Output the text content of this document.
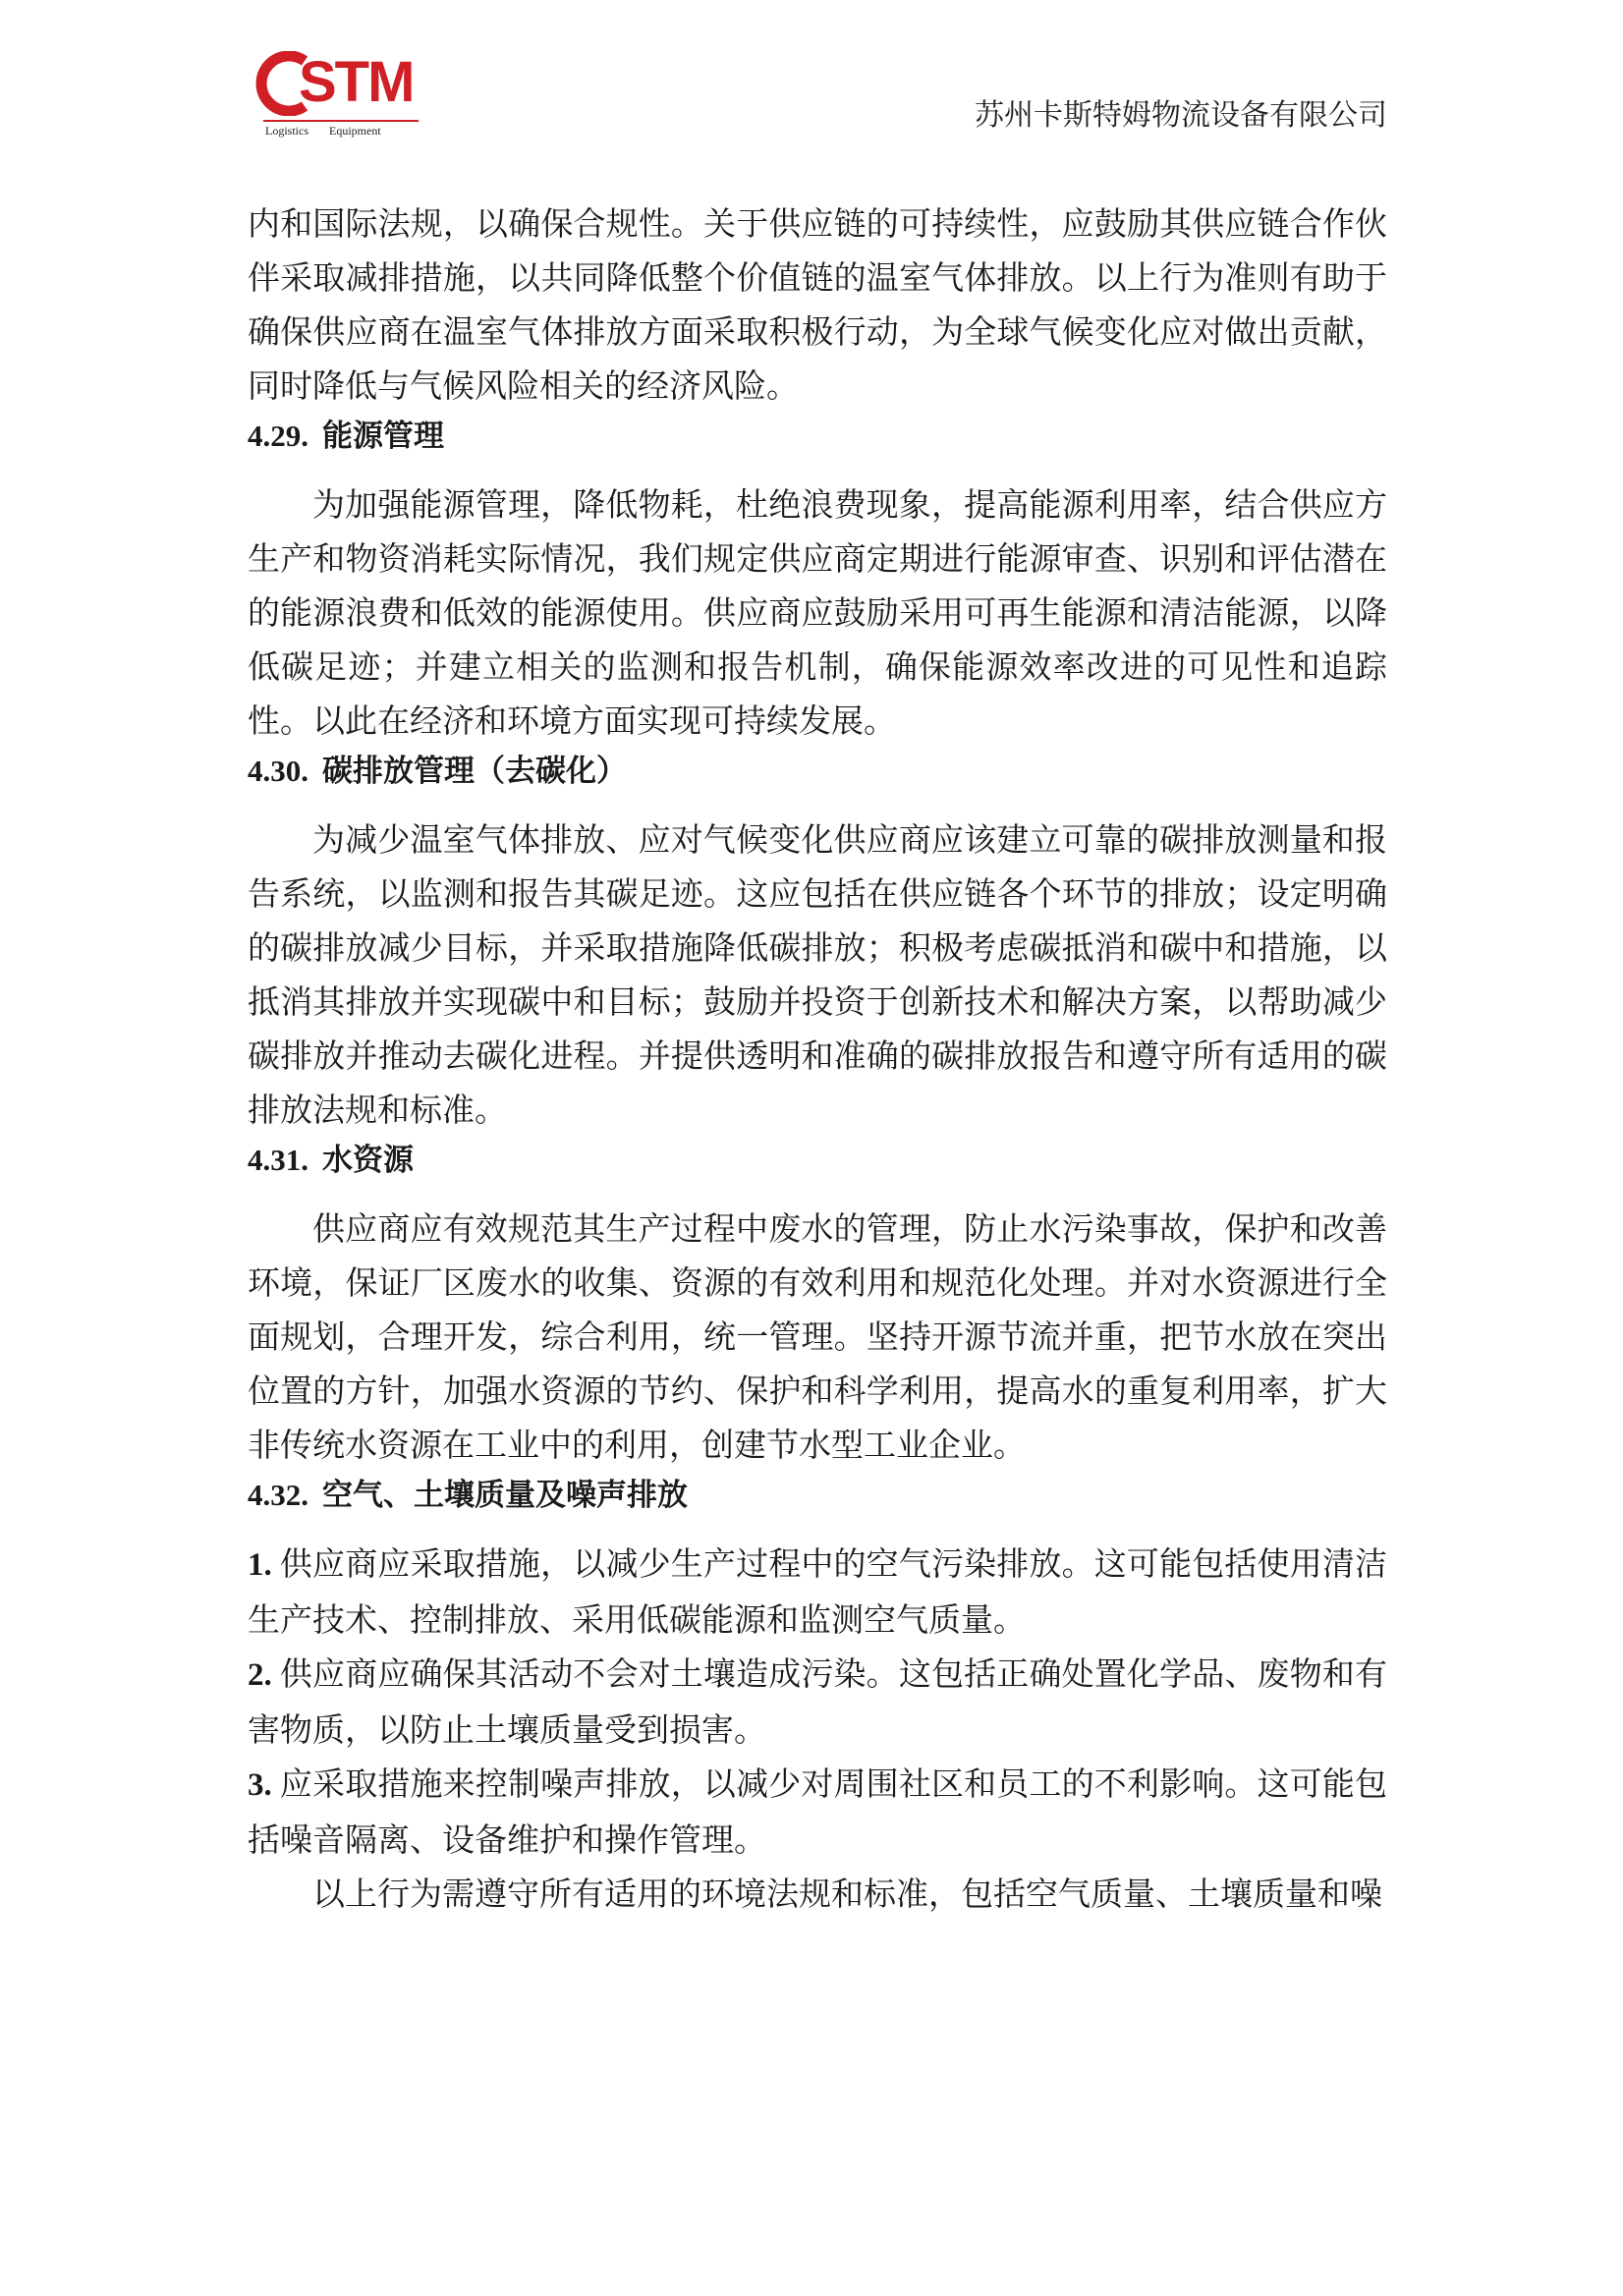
STM
Logistics Equipment	苏州卡斯特姆物流设备有限公司

内和国际法规，以确保合规性。关于供应链的可持续性，应鼓励其供应链合作伙伴采取减排措施，以共同降低整个价值链的温室气体排放。以上行为准则有助于确保供应商在温室气体排放方面采取积极行动，为全球气候变化应对做出贡献，同时降低与气候风险相关的经济风险。

4.29. 能源管理

为加强能源管理，降低物耗，杜绝浪费现象，提高能源利用率，结合供应方生产和物资消耗实际情况，我们规定供应商定期进行能源审查、识别和评估潜在的能源浪费和低效的能源使用。供应商应鼓励采用可再生能源和清洁能源，以降低碳足迹；并建立相关的监测和报告机制，确保能源效率改进的可见性和追踪性。以此在经济和环境方面实现可持续发展。

4.30. 碳排放管理（去碳化）

为减少温室气体排放、应对气候变化供应商应该建立可靠的碳排放测量和报告系统，以监测和报告其碳足迹。这应包括在供应链各个环节的排放；设定明确的碳排放减少目标，并采取措施降低碳排放；积极考虑碳抵消和碳中和措施，以抵消其排放并实现碳中和目标；鼓励并投资于创新技术和解决方案，以帮助减少碳排放并推动去碳化进程。并提供透明和准确的碳排放报告和遵守所有适用的碳排放法规和标准。

4.31. 水资源

供应商应有效规范其生产过程中废水的管理，防止水污染事故，保护和改善环境，保证厂区废水的收集、资源的有效利用和规范化处理。并对水资源进行全面规划，合理开发，综合利用，统一管理。坚持开源节流并重，把节水放在突出位置的方针，加强水资源的节约、保护和科学利用，提高水的重复利用率，扩大非传统水资源在工业中的利用，创建节水型工业企业。

4.32. 空气、土壤质量及噪声排放

1. 供应商应采取措施，以减少生产过程中的空气污染排放。这可能包括使用清洁生产技术、控制排放、采用低碳能源和监测空气质量。

2. 供应商应确保其活动不会对土壤造成污染。这包括正确处置化学品、废物和有害物质，以防止土壤质量受到损害。

3. 应采取措施来控制噪声排放，以减少对周围社区和员工的不利影响。这可能包括噪音隔离、设备维护和操作管理。

以上行为需遵守所有适用的环境法规和标准，包括空气质量、土壤质量和噪
